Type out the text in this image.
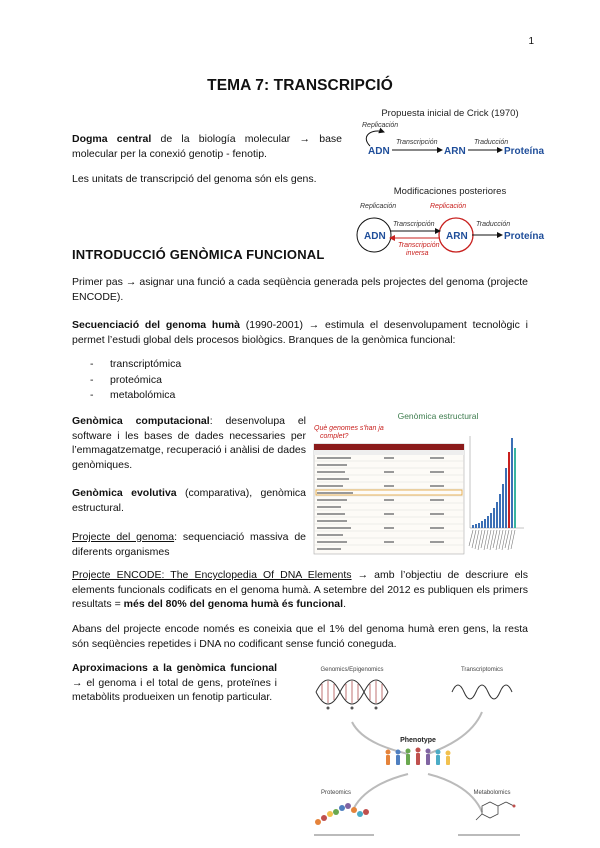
1
TEMA 7: TRANSCRIPCIÓ

Dogma central de la biología molecular → base molecular per la conexió genotip - fenotip.

Les unitats de transcripció del genoma són els gens.

Propuesta inicial de Crick (1970)
Replicación
ADN
Transcripción
ARN
Traducción
Proteína
Modificaciones posteriores
Replicación	Replicación
ADN
Transcripción
ARN
Traducción
Proteína
Transcripción
inversa
INTRODUCCIÓ GENÒMICA FUNCIONAL

Primer pas → asignar una funció a cada seqüència generada pels projectes del genoma (projecte ENCODE).

Secuenciació del genoma humà (1990-2001) → estimula el desenvolupament tecnològic i permet l’estudi global dels procesos biològics. Branques de la genòmica funcional:

- transcriptómica
- proteómica
- metabolómica

Genòmica computacional: desenvolupa el software i les bases de dades necessaries per l’emmagatzematge, recuperació i anàlisi de dades genòmiques.

Genòmica evolutiva (comparativa), genòmica estructural.

Projecte del genoma: sequenciació massiva de diferents organismes

Genòmica estructural
Què genomes s'han ja
complet?

Projecte ENCODE: The Encyclopedia Of DNA Elements → amb l’objectiu de descriure els elements funcionals codificats en el genoma humà. A setembre del 2012 es publiquen els primers resultats = més del 80% del genoma humà és funcional.

Abans del projecte encode només es coneixia que el 1% del genoma humà eren gens, la resta són seqüències repetides i DNA no codificant sense funció coneguda.

Aproximacions a la genòmica funcional → el genoma i el total de gens, proteïnes i metabòlits produeixen un fenotip particular.

Genomics/Epigenomics	Transcriptomics
Phenotype
Proteomics	Metabolomics
